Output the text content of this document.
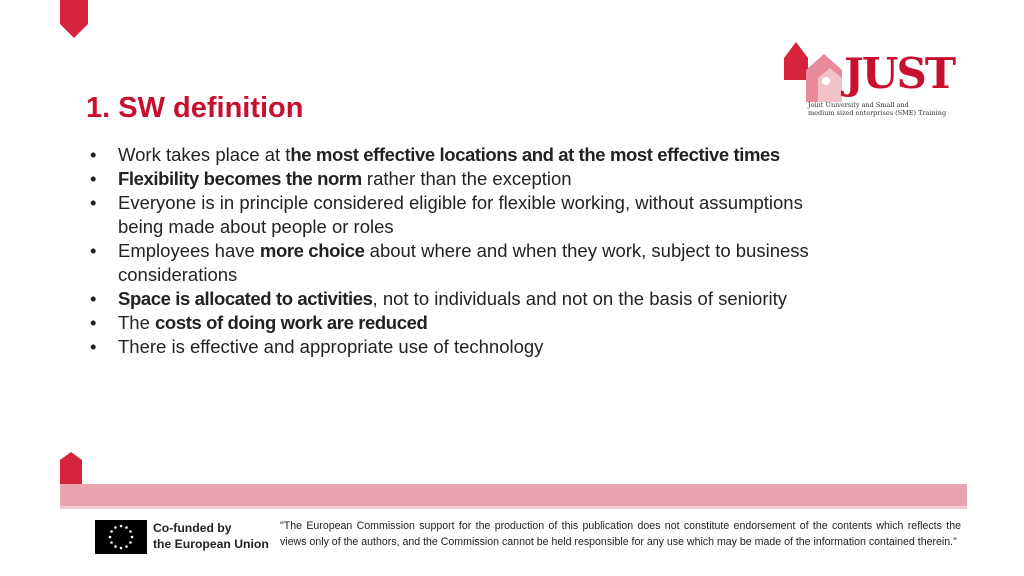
JUST
Joint University and Small and
medium sized enterprises (SME) Training
1. SW definition
• Work takes place at the most effective locations and at the most effective times
• Flexibility becomes the norm rather than the exception
• Everyone is in principle considered eligible for flexible working, without assumptions being made about people or roles
• Employees have more choice about where and when they work, subject to business considerations
• Space is allocated to activities, not to individuals and not on the basis of seniority
• The costs of doing work are reduced
• There is effective and appropriate use of technology
Co-funded by
the European Union

"The European Commission support for the production of this publication does not constitute endorsement of the contents which reflects the views only of the authors, and the Commission cannot be held responsible for any use which may be made of the information contained therein."
